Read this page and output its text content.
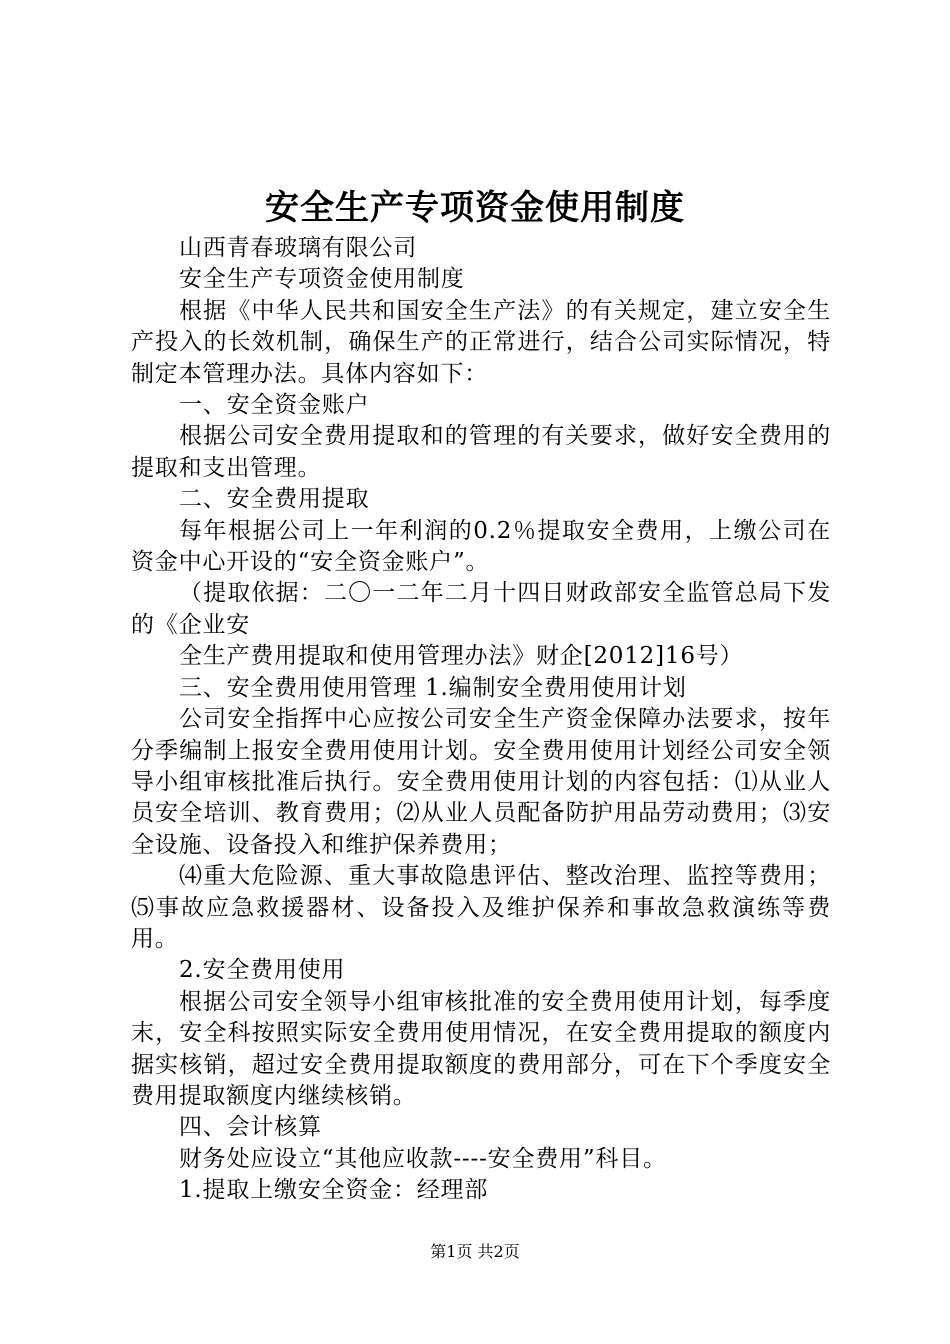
安全生产专项资金使用制度

山西青春玻璃有限公司

安全生产专项资金使用制度

根据《中华人民共和国安全生产法》的有关规定，建立安全生产投入的长效机制，确保生产的正常进行，结合公司实际情况，特制定本管理办法。具体内容如下：

一、安全资金账户

根据公司安全费用提取和的管理的有关要求，做好安全费用的提取和支出管理。

二、安全费用提取

每年根据公司上一年利润的0.2％提取安全费用，上缴公司在资金中心开设的“安全资金账户”。

（提取依据：二〇一二年二月十四日财政部安全监管总局下发的《企业安

全生产费用提取和使用管理办法》财企[2012]16号）

三、安全费用使用管理 1.编制安全费用使用计划

公司安全指挥中心应按公司安全生产资金保障办法要求，按年分季编制上报安全费用使用计划。安全费用使用计划经公司安全领导小组审核批准后执行。安全费用使用计划的内容包括：⑴从业人员安全培训、教育费用；⑵从业人员配备防护用品劳动费用；⑶安全设施、设备投入和维护保养费用；

⑷重大危险源、重大事故隐患评估、整改治理、监控等费用；⑸事故应急救援器材、设备投入及维护保养和事故急救演练等费用。

2.安全费用使用

根据公司安全领导小组审核批准的安全费用使用计划，每季度末，安全科按照实际安全费用使用情况，在安全费用提取的额度内据实核销，超过安全费用提取额度的费用部分，可在下个季度安全费用提取额度内继续核销。

四、会计核算

财务处应设立“其他应收款----安全费用”科目。

1.提取上缴安全资金：经理部

第1页 共2页
